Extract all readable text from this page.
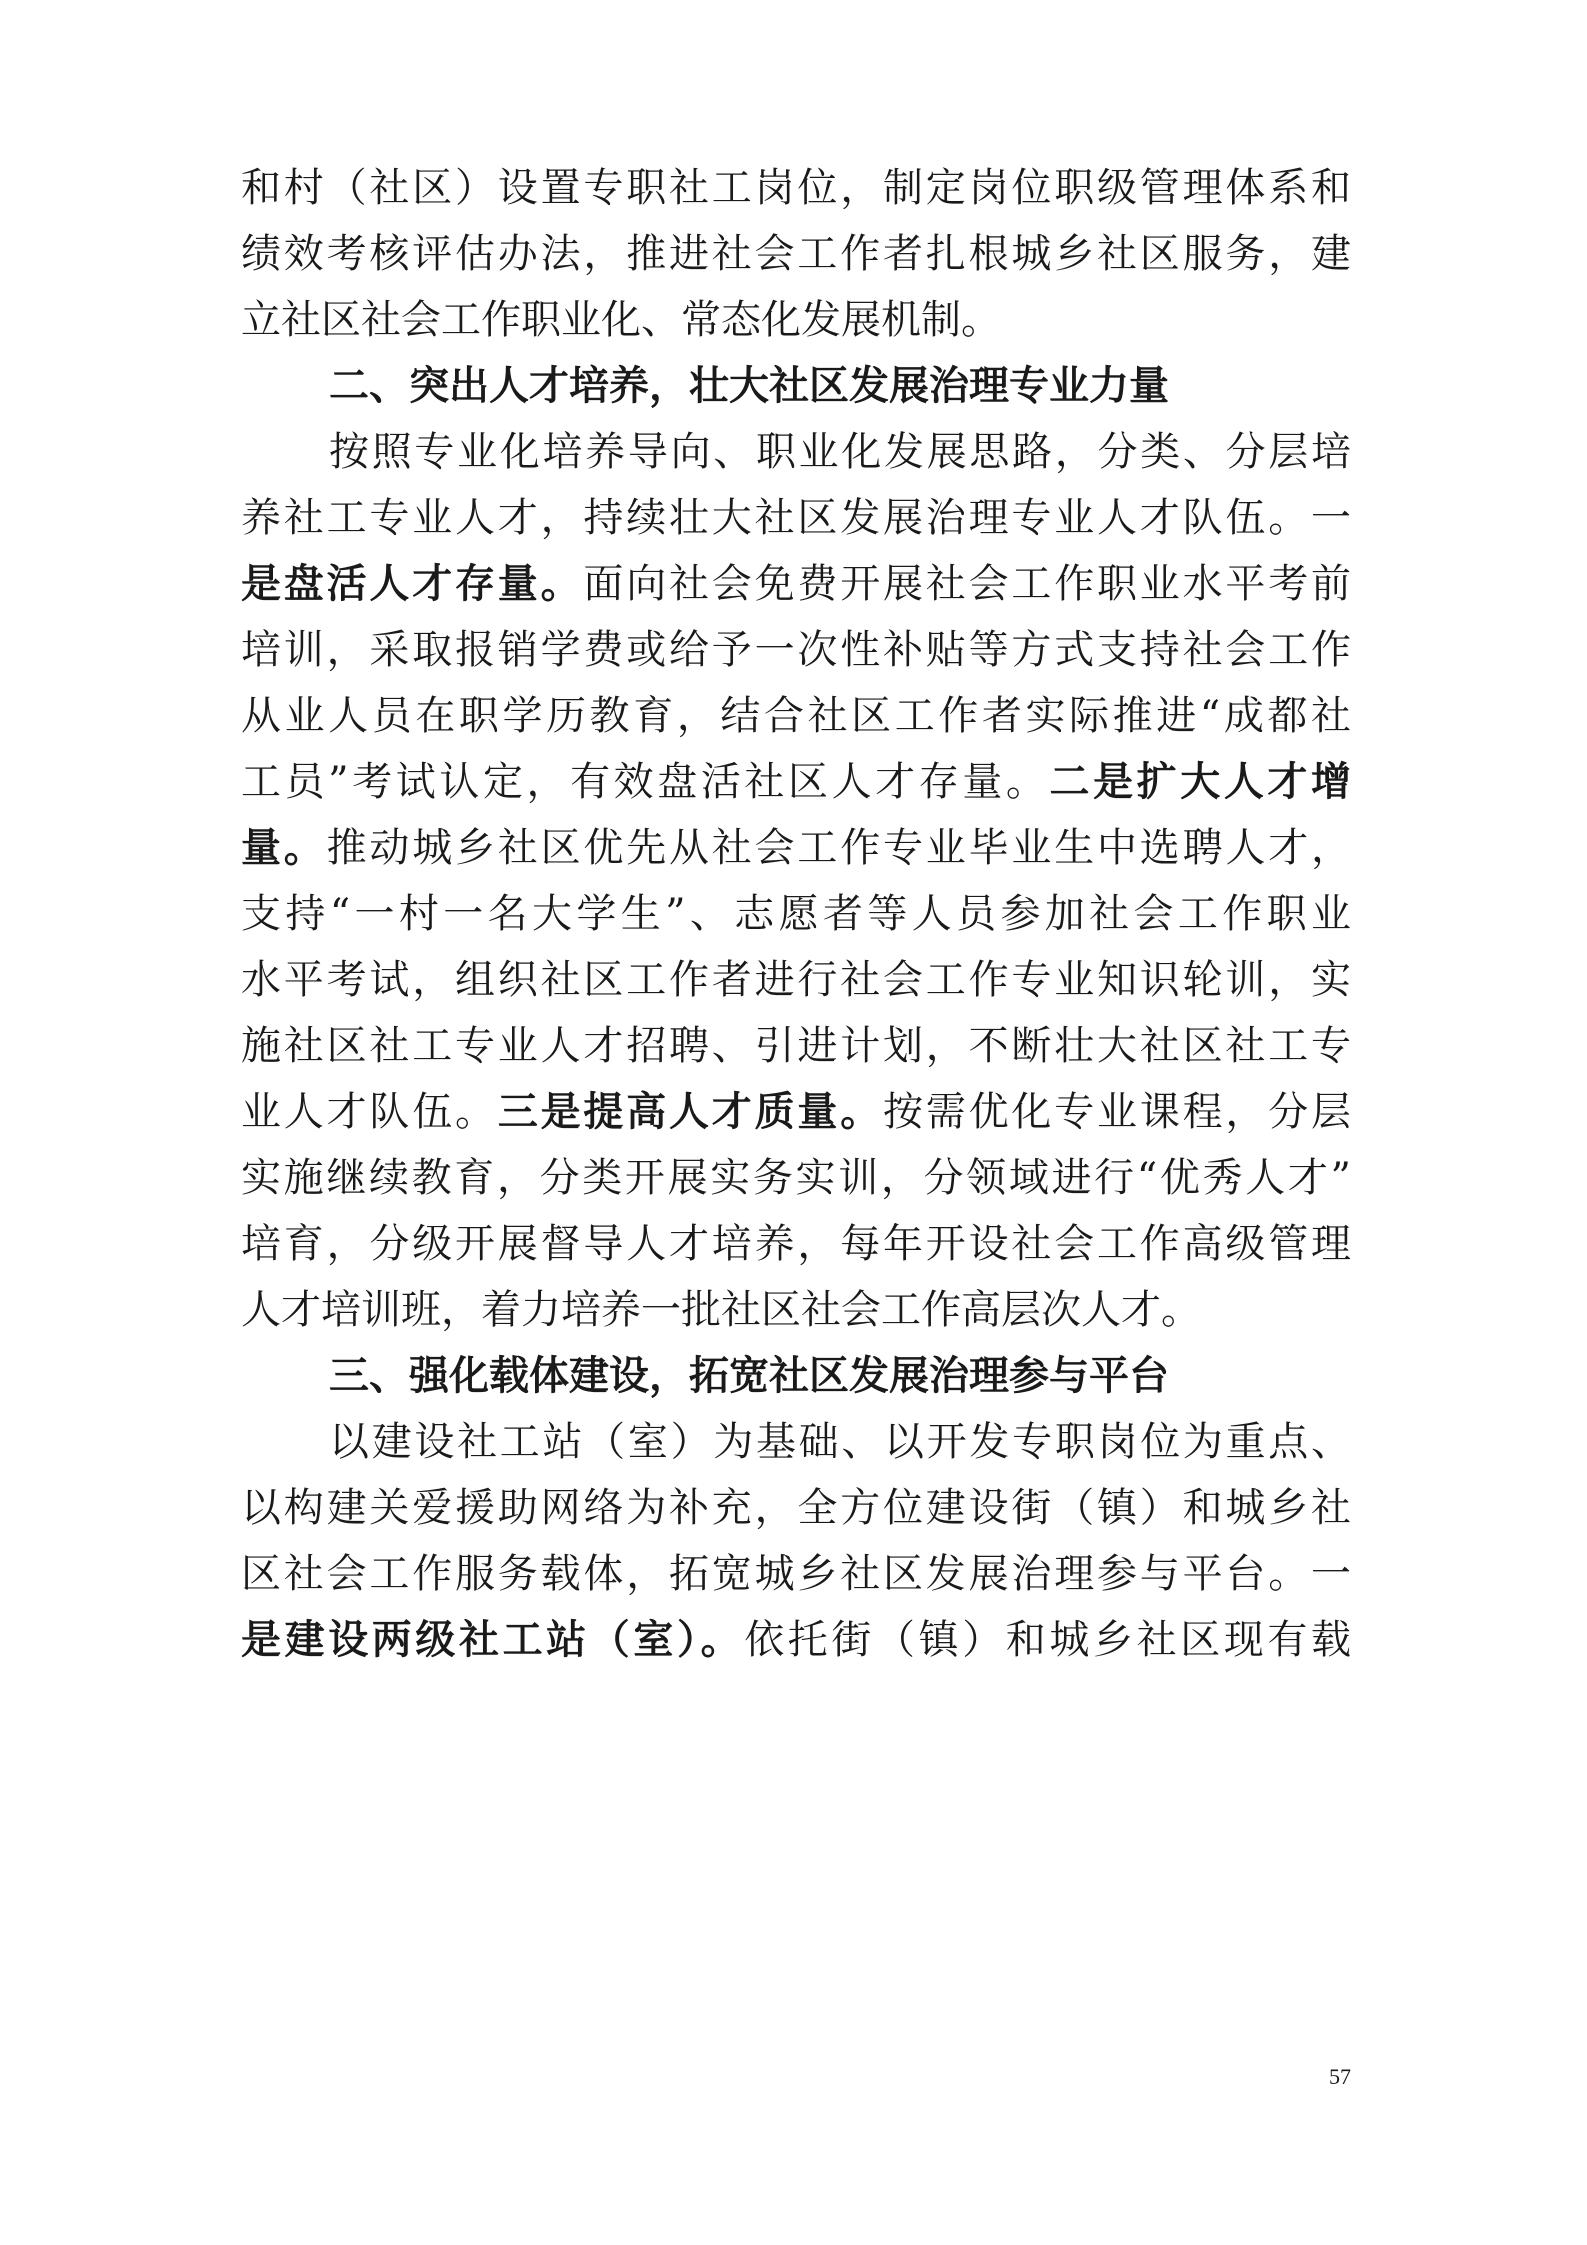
和村（社区）设置专职社工岗位，制定岗位职级管理体系和
绩效考核评估办法，推进社会工作者扎根城乡社区服务，建
立社区社会工作职业化、常态化发展机制。
二、突出人才培养，壮大社区发展治理专业力量
按照专业化培养导向、职业化发展思路，分类、分层培
养社工专业人才，持续壮大社区发展治理专业人才队伍。一
是盘活人才存量。面向社会免费开展社会工作职业水平考前
培训，采取报销学费或给予一次性补贴等方式支持社会工作
从业人员在职学历教育，结合社区工作者实际推进“成都社
工员”考试认定，有效盘活社区人才存量。二是扩大人才增
量。推动城乡社区优先从社会工作专业毕业生中选聘人才，
支持“一村一名大学生”、志愿者等人员参加社会工作职业
水平考试，组织社区工作者进行社会工作专业知识轮训，实
施社区社工专业人才招聘、引进计划，不断壮大社区社工专
业人才队伍。三是提高人才质量。按需优化专业课程，分层
实施继续教育，分类开展实务实训，分领域进行“优秀人才”
培育，分级开展督导人才培养，每年开设社会工作高级管理
人才培训班，着力培养一批社区社会工作高层次人才。
三、强化载体建设，拓宽社区发展治理参与平台
以建设社工站（室）为基础、以开发专职岗位为重点、
以构建关爱援助网络为补充，全方位建设街（镇）和城乡社
区社会工作服务载体，拓宽城乡社区发展治理参与平台。一
是建设两级社工站（室）。依托街（镇）和城乡社区现有载
57
